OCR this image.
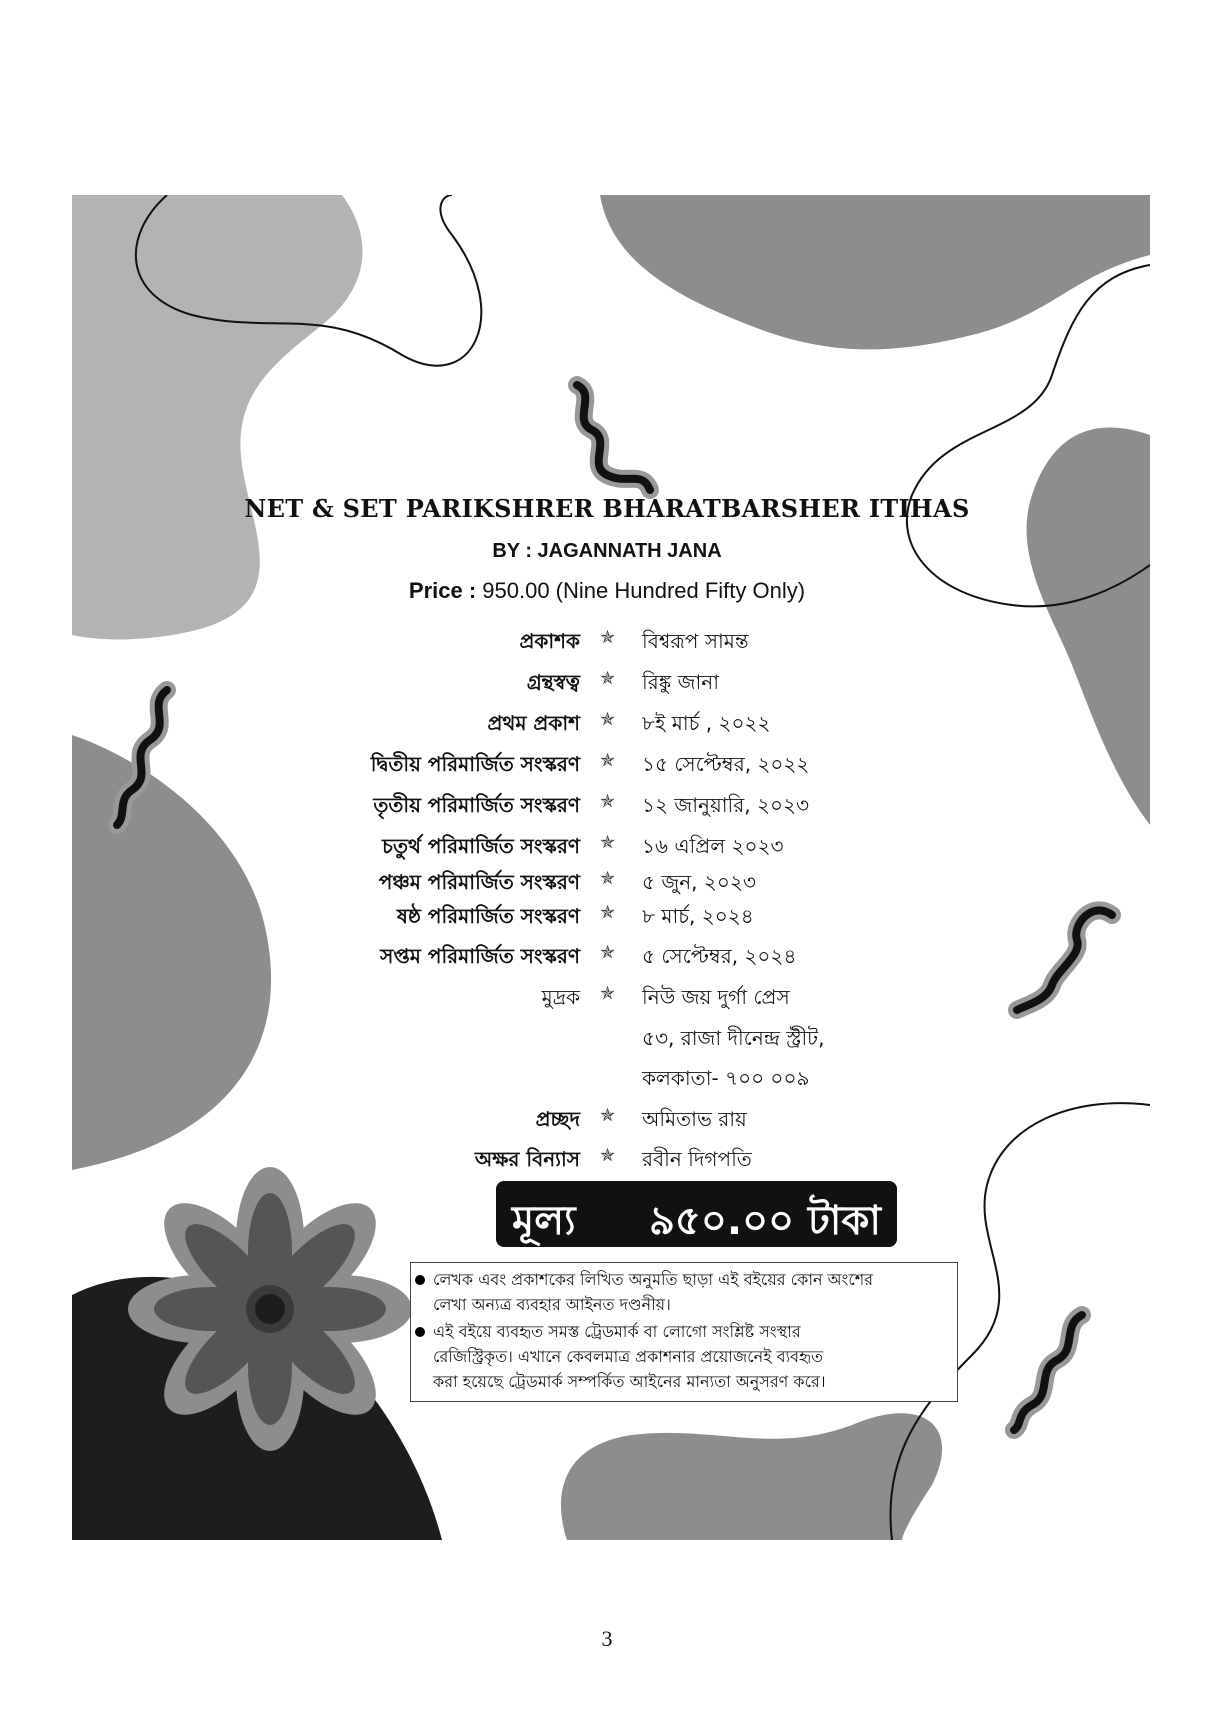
NET & SET PARIKSHRER BHARATBARSHER ITIHAS
BY : JAGANNATH JANA
Price : 950.00 (Nine Hundred Fifty Only)
প্রকাশক ✯ বিশ্বরূপ সামন্ত
গ্রন্থস্বত্ব ✯ রিঙ্কু জানা
প্রথম প্রকাশ ✯ ৮ই মার্চ , ২০২২
দ্বিতীয় পরিমার্জিত সংস্করণ ✯ ১৫ সেপ্টেম্বর, ২০২২
তৃতীয় পরিমার্জিত সংস্করণ ✯ ১২ জানুয়ারি, ২০২৩
চতুর্থ পরিমার্জিত সংস্করণ ✯ ১৬ এপ্রিল ২০২৩
পঞ্চম পরিমার্জিত সংস্করণ ✯ ৫ জুন, ২০২৩
ষষ্ঠ পরিমার্জিত সংস্করণ ✯ ৮ মার্চ, ২০২৪
সপ্তম পরিমার্জিত সংস্করণ ✯ ৫ সেপ্টেম্বর, ২০২৪
মুদ্রক ✯ নিউ জয় দুর্গা প্রেস
৫৩, রাজা দীনেন্দ্র স্ট্রীট,
কলকাতা- ৭০০ ০০৯
প্রচ্ছদ ✯ অমিতাভ রায়
অক্ষর বিন্যাস ✯ রবীন দিগপতি
মূল্য ৯৫০.০০ টাকা
লেখক এবং প্রকাশকের লিখিত অনুমতি ছাড়া এই বইয়ের কোন অংশের
লেখা অন্যত্র ব্যবহার আইনত দণ্ডনীয়।
এই বইয়ে ব্যবহৃত সমস্ত ট্রেডমার্ক বা লোগো সংশ্লিষ্ট সংস্থার
রেজিস্ট্রিকৃত। এখানে কেবলমাত্র প্রকাশনার প্রয়োজনেই ব্যবহৃত
করা হয়েছে ট্রেডমার্ক সম্পর্কিত আইনের মান্যতা অনুসরণ করে।
3
